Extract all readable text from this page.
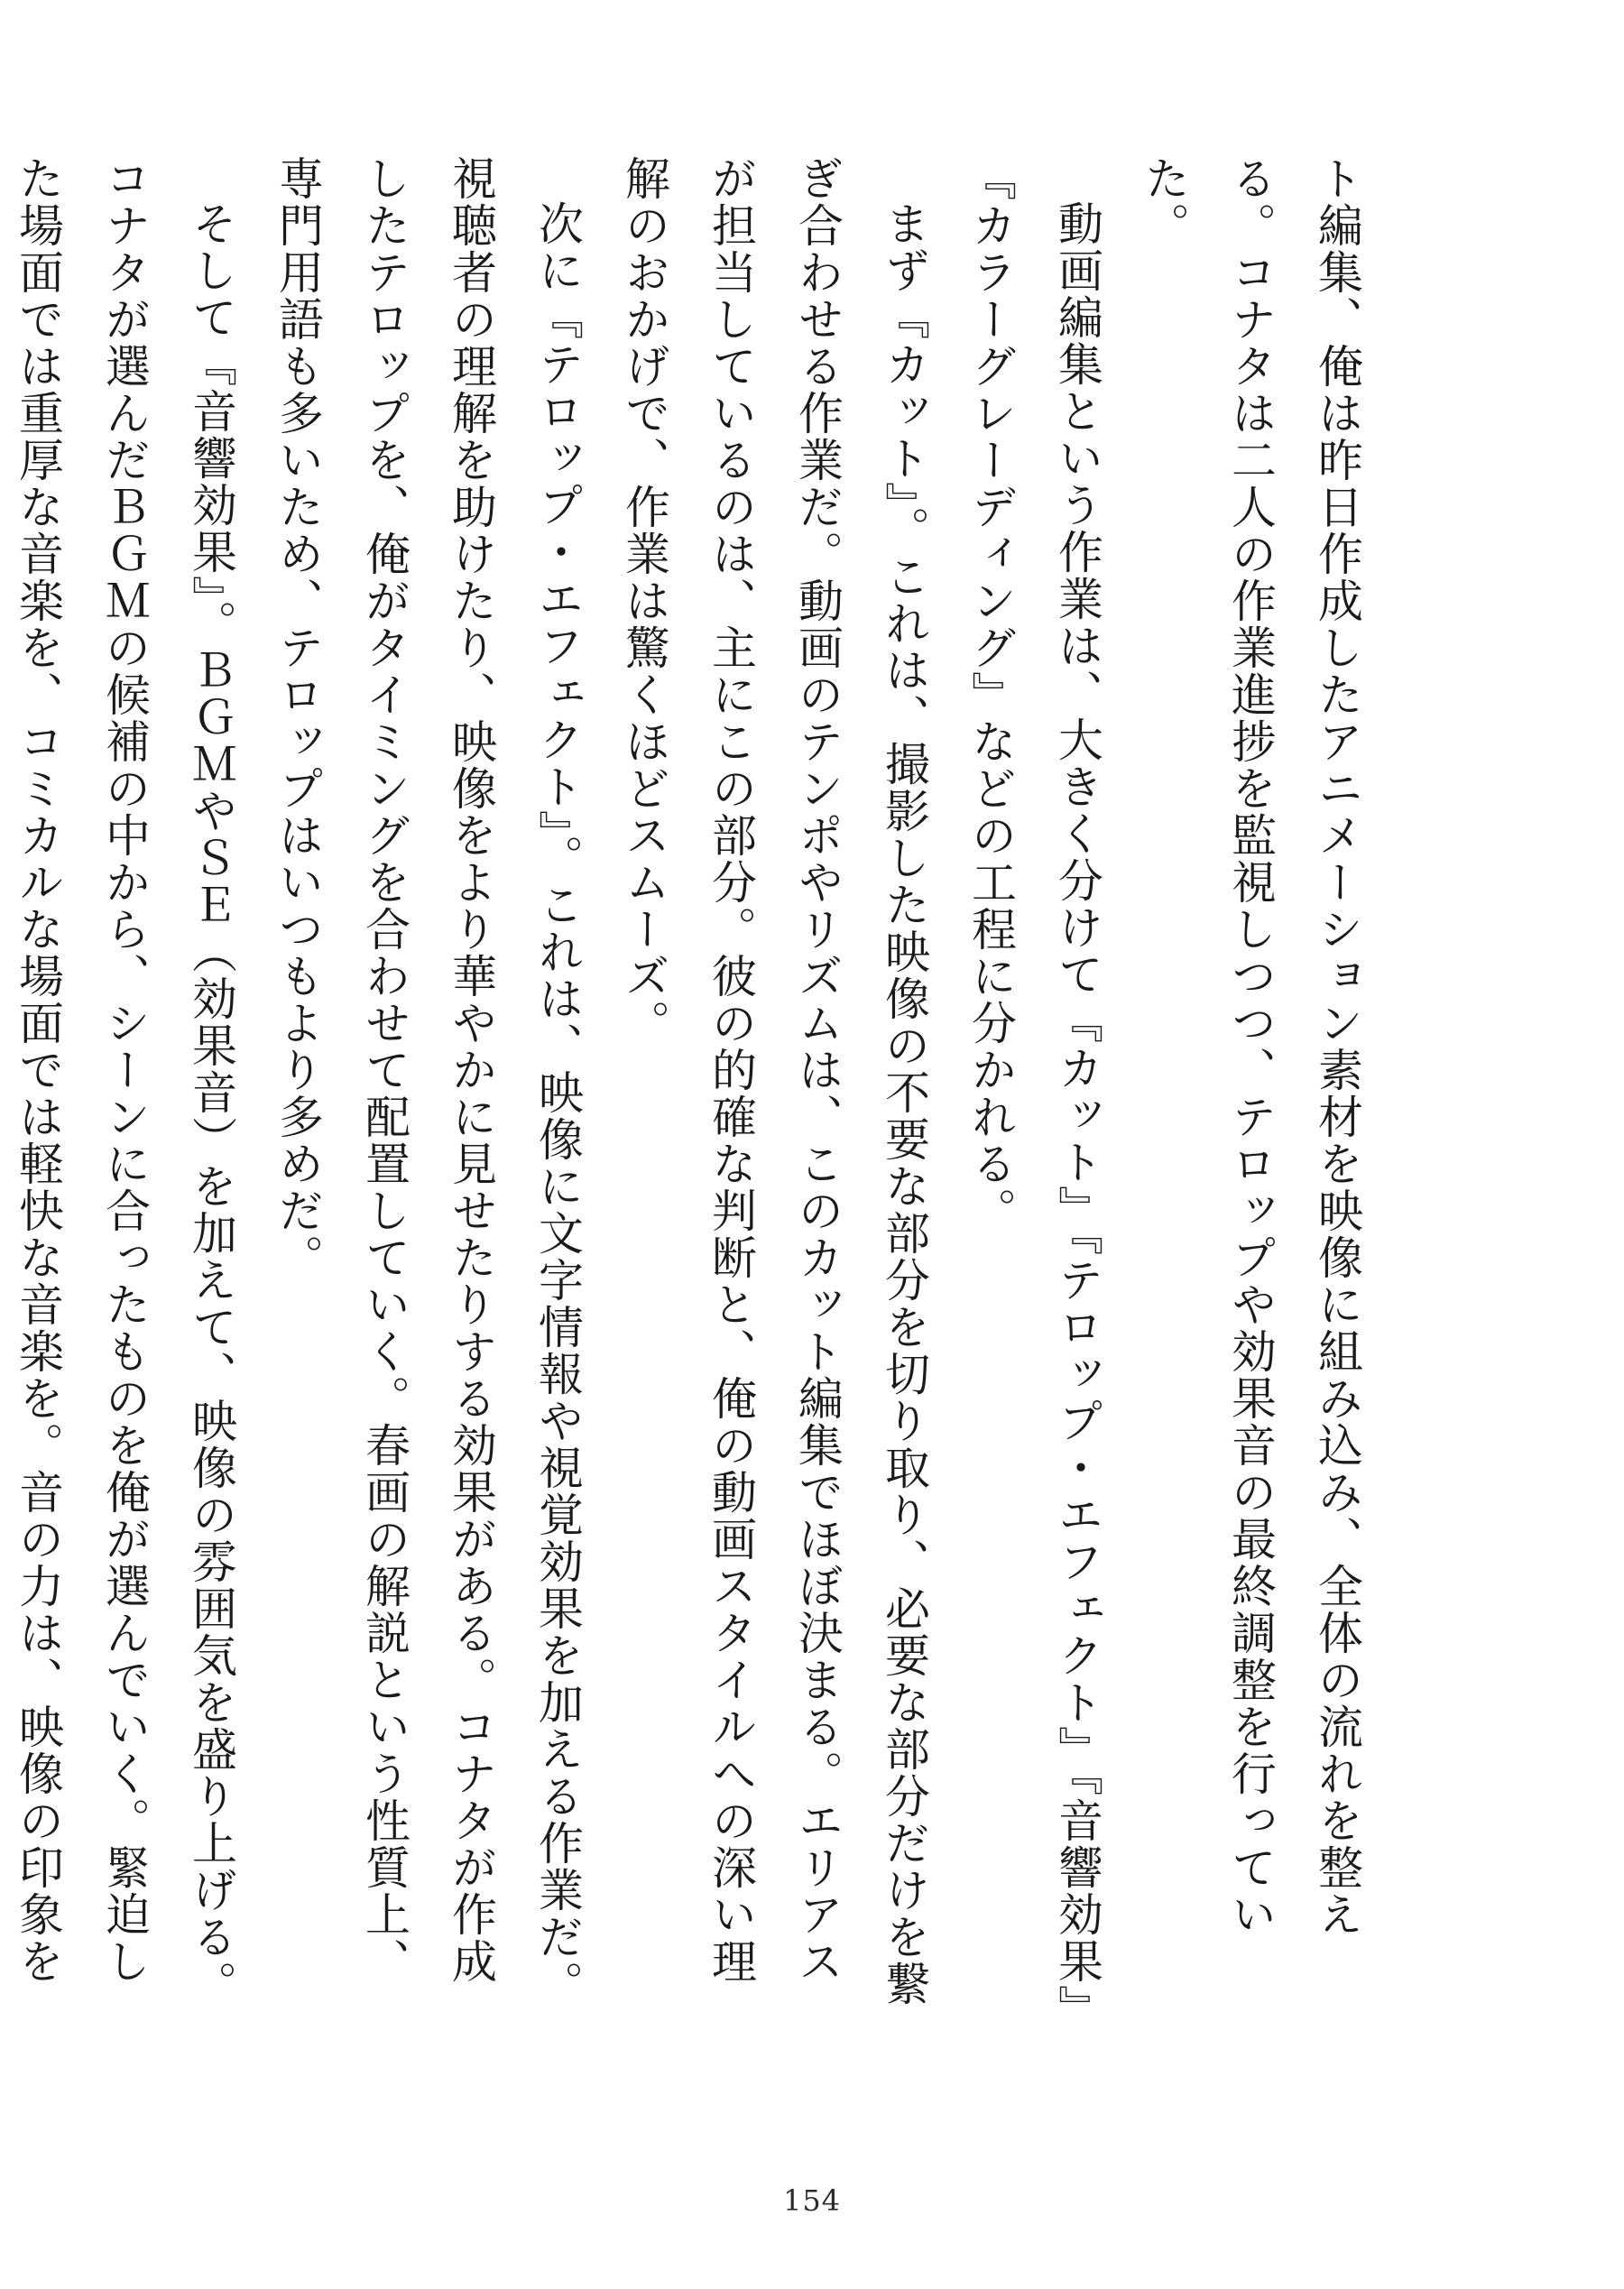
ト編集、俺は昨日作成したアニメーション素材を映像に組み込み、全体の流れを整える。コナタは二人の作業進捗を監視しつつ、テロップや効果音の最終調整を行っていた。

動画編集という作業は、大きく分けて『カット』『テロップ・エフェクト』『音響効果』『カラーグレーディング』などの工程に分かれる。

まず『カット』。これは、撮影した映像の不要な部分を切り取り、必要な部分だけを繋ぎ合わせる作業だ。動画のテンポやリズムは、このカット編集でほぼ決まる。エリアスが担当しているのは、主にこの部分。彼の的確な判断と、俺の動画スタイルへの深い理解のおかげで、作業は驚くほどスムーズ。

次に『テロップ・エフェクト』。これは、映像に文字情報や視覚効果を加える作業だ。視聴者の理解を助けたり、映像をより華やかに見せたりする効果がある。コナタが作成したテロップを、俺がタイミングを合わせて配置していく。春画の解説という性質上、専門用語も多いため、テロップはいつもより多めだ。

そして『音響効果』。ＢＧＭやＳＥ（効果音）を加えて、映像の雰囲気を盛り上げる。コナタが選んだＢＧＭの候補の中から、シーンに合ったものを俺が選んでいく。緊迫した場面では重厚な音楽を、コミカルな場面では軽快な音楽を。音の力は、映像の印象を

154
